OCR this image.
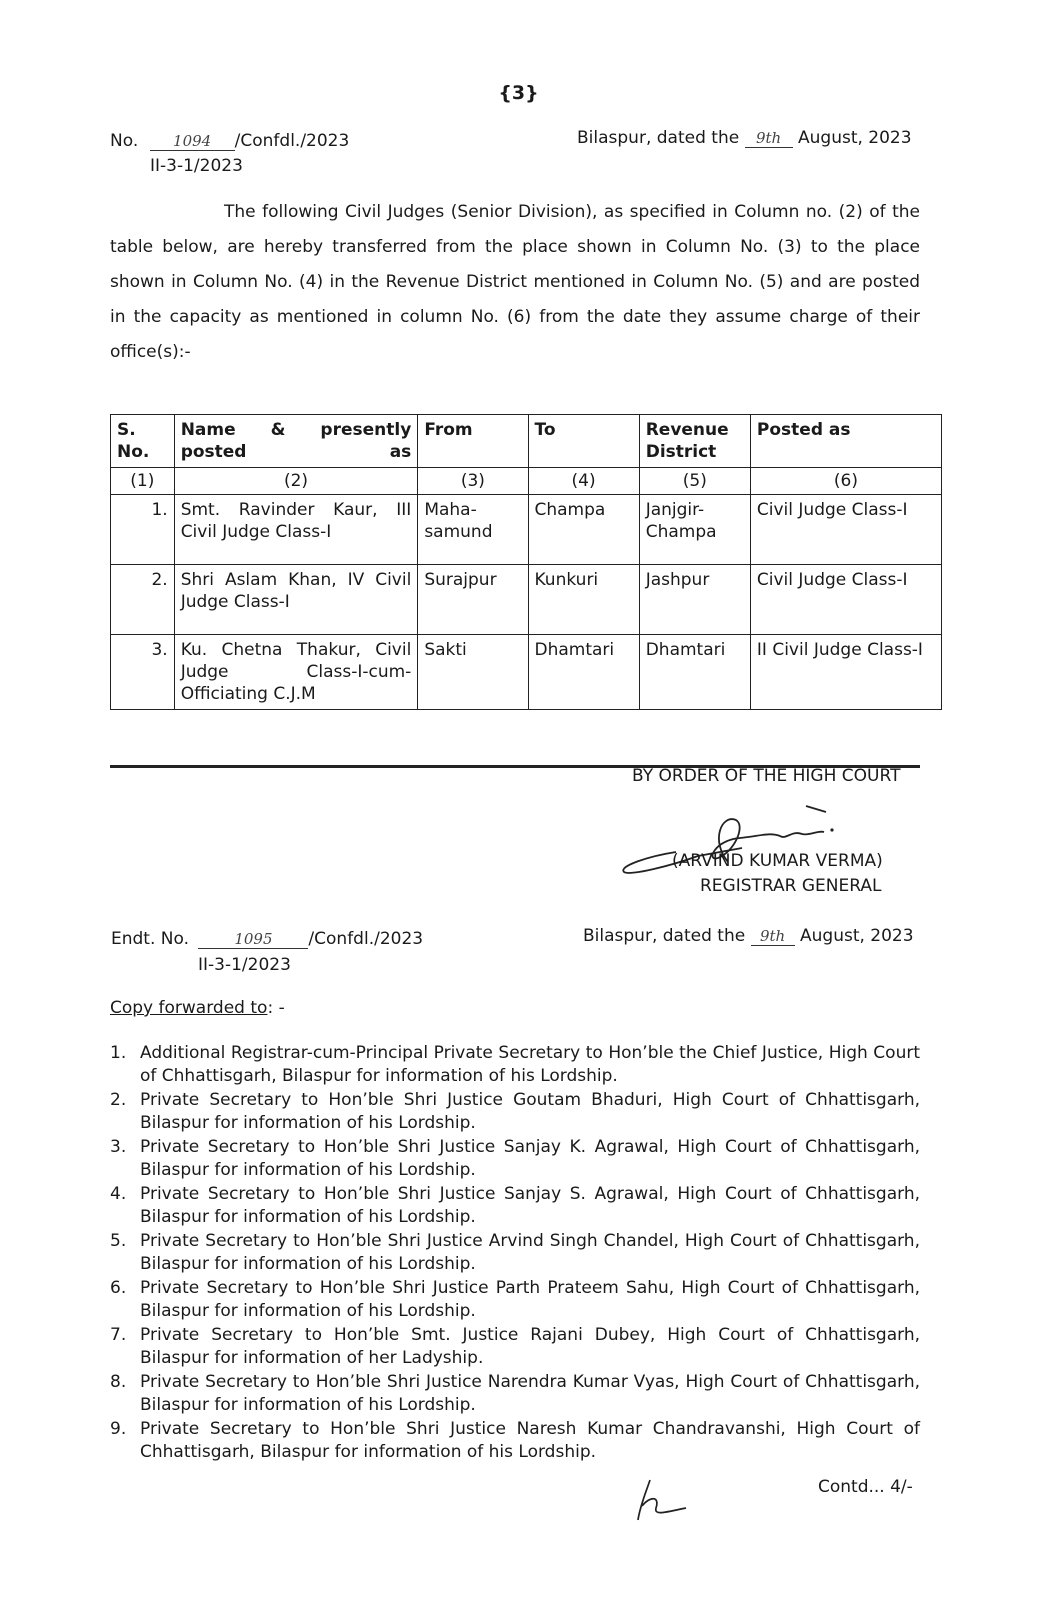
{3}
No. 1094 /Confdl./2023
II-3-1/2023
Bilaspur, dated the 9th August, 2023
The following Civil Judges (Senior Division), as specified in Column no. (2) of the table below, are hereby transferred from the place shown in Column No. (3) to the place shown in Column No. (4) in the Revenue District mentioned in Column No. (5) and are posted in the capacity as mentioned in column No. (6) from the date they assume charge of their office(s):-
S. No.	Name & presently posted as	From	To	Revenue District	Posted as
(1)	(2)	(3)	(4)	(5)	(6)
1.	Smt. Ravinder Kaur, III Civil Judge Class-I	Maha-samund	Champa	Janjgir-Champa	Civil Judge Class-I
2.	Shri Aslam Khan, IV Civil Judge Class-I	Surajpur	Kunkuri	Jashpur	Civil Judge Class-I
3.	Ku. Chetna Thakur, Civil Judge Class-I-cum-Officiating C.J.M	Sakti	Dhamtari	Dhamtari	II Civil Judge Class-I
BY ORDER OF THE HIGH COURT
(ARVIND KUMAR VERMA)
REGISTRAR GENERAL
Endt. No.	1095 /Confdl./2023
II-3-1/2023
Bilaspur, dated the 9th August, 2023
Copy forwarded to: -
1. Additional Registrar-cum-Principal Private Secretary to Hon’ble the Chief Justice, High Court of Chhattisgarh, Bilaspur for information of his Lordship.
2. Private Secretary to Hon’ble Shri Justice Goutam Bhaduri, High Court of Chhattisgarh, Bilaspur for information of his Lordship.
3. Private Secretary to Hon’ble Shri Justice Sanjay K. Agrawal, High Court of Chhattisgarh, Bilaspur for information of his Lordship.
4. Private Secretary to Hon’ble Shri Justice Sanjay S. Agrawal, High Court of Chhattisgarh, Bilaspur for information of his Lordship.
5. Private Secretary to Hon’ble Shri Justice Arvind Singh Chandel, High Court of Chhattisgarh, Bilaspur for information of his Lordship.
6. Private Secretary to Hon’ble Shri Justice Parth Prateem Sahu, High Court of Chhattisgarh, Bilaspur for information of his Lordship.
7. Private Secretary to Hon’ble Smt. Justice Rajani Dubey, High Court of Chhattisgarh, Bilaspur for information of her Ladyship.
8. Private Secretary to Hon’ble Shri Justice Narendra Kumar Vyas, High Court of Chhattisgarh, Bilaspur for information of his Lordship.
9. Private Secretary to Hon’ble Shri Justice Naresh Kumar Chandravanshi, High Court of Chhattisgarh, Bilaspur for information of his Lordship.
Contd... 4/-
